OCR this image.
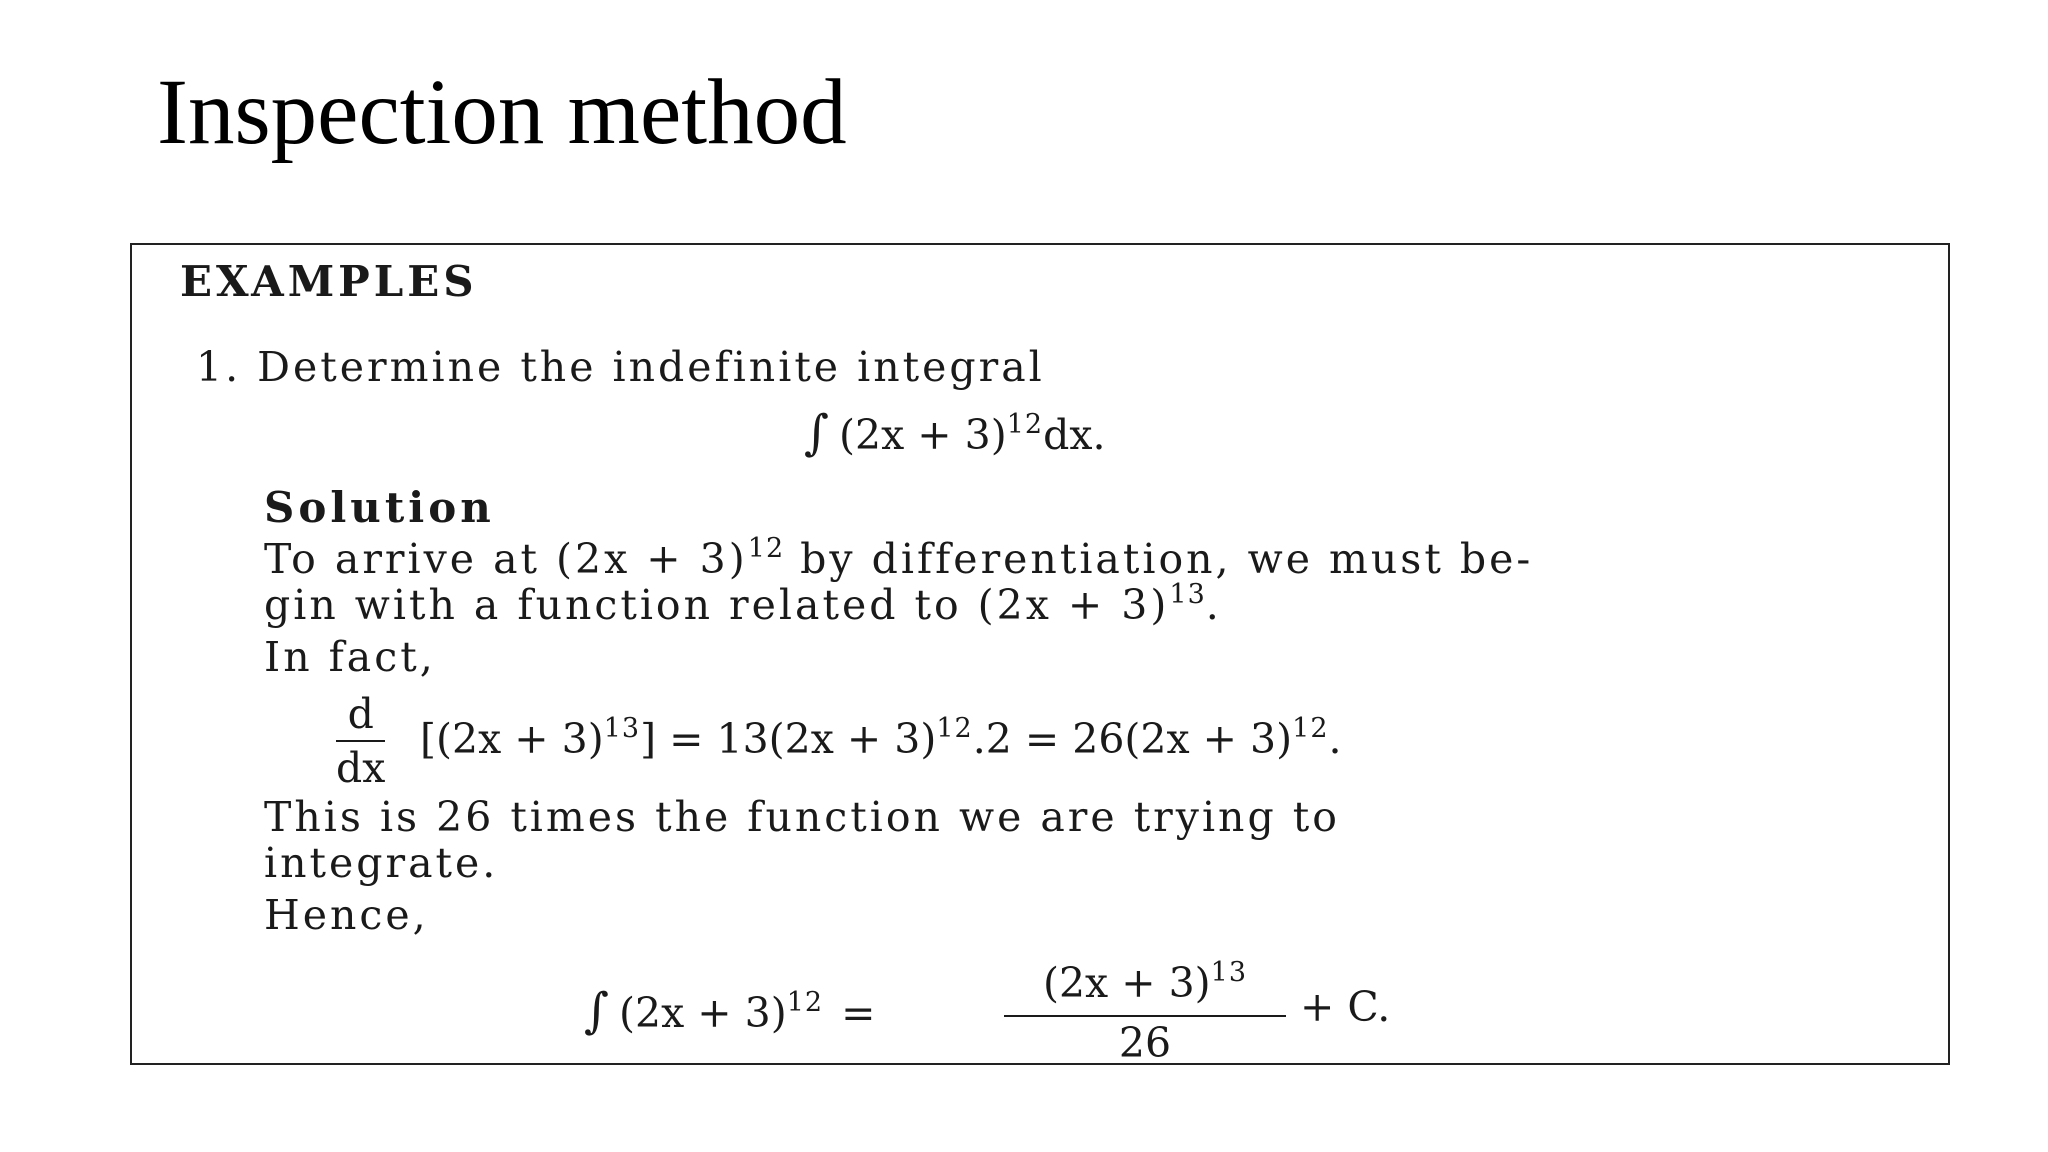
Inspection method
EXAMPLES
1. Determine the indefinite integral
∫ $(2x + 3)^{12}dx$.
Solution
To arrive at $(2x + 3)^{12}$ by differentiation, we must be-
gin with a function related to $(2x + 3)^{13}$.
In fact,
d
dx
$[(2x + 3)^{13}] = 13(2x + 3)^{12}.2 = 26(2x + 3)^{12}$.
This is 26 times the function we are trying to
integrate.
Hence,
∫ $(2x + 3)^{12}$ =
$(2x + 3)^{13}$
26
+ C.
